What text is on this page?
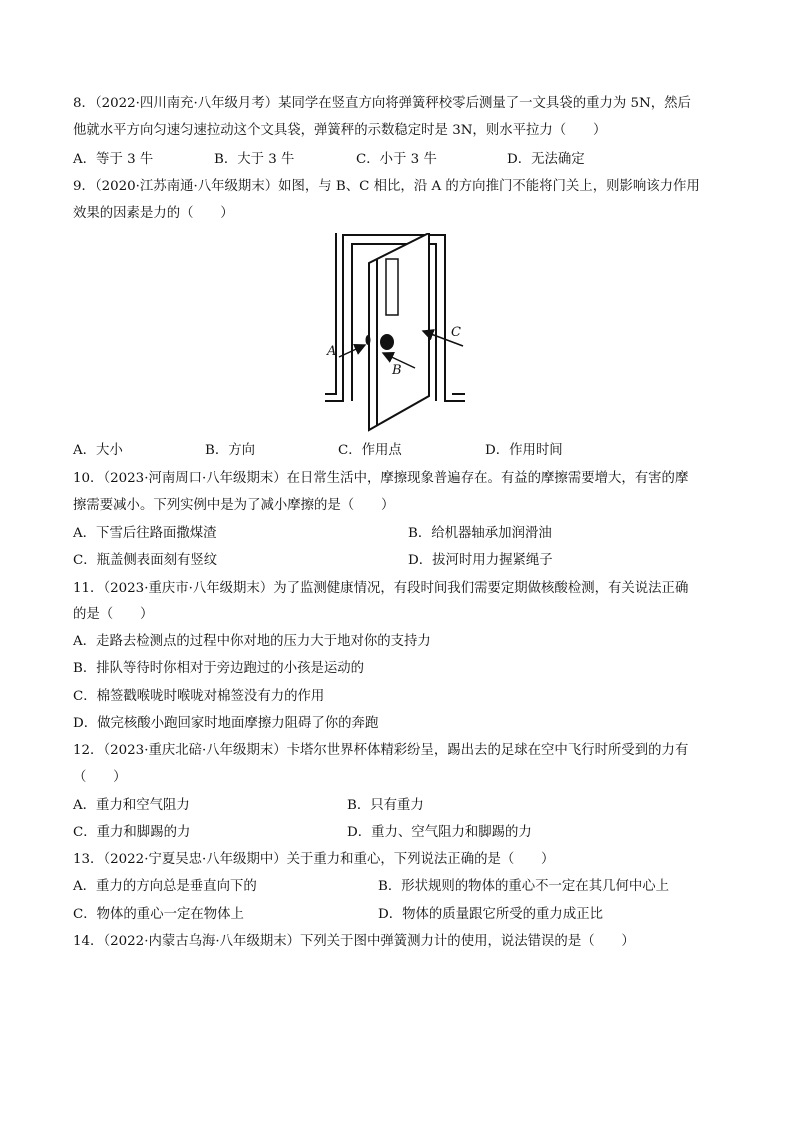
8．（2022·四川南充·八年级月考）某同学在竖直方向将弹簧秤校零后测量了一文具袋的重力为 5N，然后
他就水平方向匀速匀速拉动这个文具袋，弹簧秤的示数稳定时是 3N，则水平拉力（　　）
A．等于 3 牛	B．大于 3 牛	C．小于 3 牛	D．无法确定
9．（2020·江苏南通·八年级期末）如图，与 B、C 相比，沿 A 的方向推门不能将门关上，则影响该力作用
效果的因素是力的（　　）
A
B
C
A．大小	B．方向	C．作用点	D．作用时间
10．（2023·河南周口·八年级期末）在日常生活中，摩擦现象普遍存在。有益的摩擦需要增大，有害的摩
擦需要减小。下列实例中是为了减小摩擦的是（　　）
A．下雪后往路面撒煤渣	B．给机器轴承加润滑油
C．瓶盖侧表面刻有竖纹	D．拔河时用力握紧绳子
11．（2023·重庆市·八年级期末）为了监测健康情况，有段时间我们需要定期做核酸检测，有关说法正确
的是（　　）
A．走路去检测点的过程中你对地的压力大于地对你的支持力
B．排队等待时你相对于旁边跑过的小孩是运动的
C．棉签戳喉咙时喉咙对棉签没有力的作用
D．做完核酸小跑回家时地面摩擦力阻碍了你的奔跑
12．（2023·重庆北碚·八年级期末）卡塔尔世界杯体精彩纷呈，踢出去的足球在空中飞行时所受到的力有
（　　）
A．重力和空气阻力	B．只有重力
C．重力和脚踢的力	D．重力、空气阻力和脚踢的力
13．（2022·宁夏吴忠·八年级期中）关于重力和重心，下列说法正确的是（　　）
A．重力的方向总是垂直向下的	B．形状规则的物体的重心不一定在其几何中心上
C．物体的重心一定在物体上	D．物体的质量跟它所受的重力成正比
14．（2022·内蒙古乌海·八年级期末）下列关于图中弹簧测力计的使用，说法错误的是（　　）
